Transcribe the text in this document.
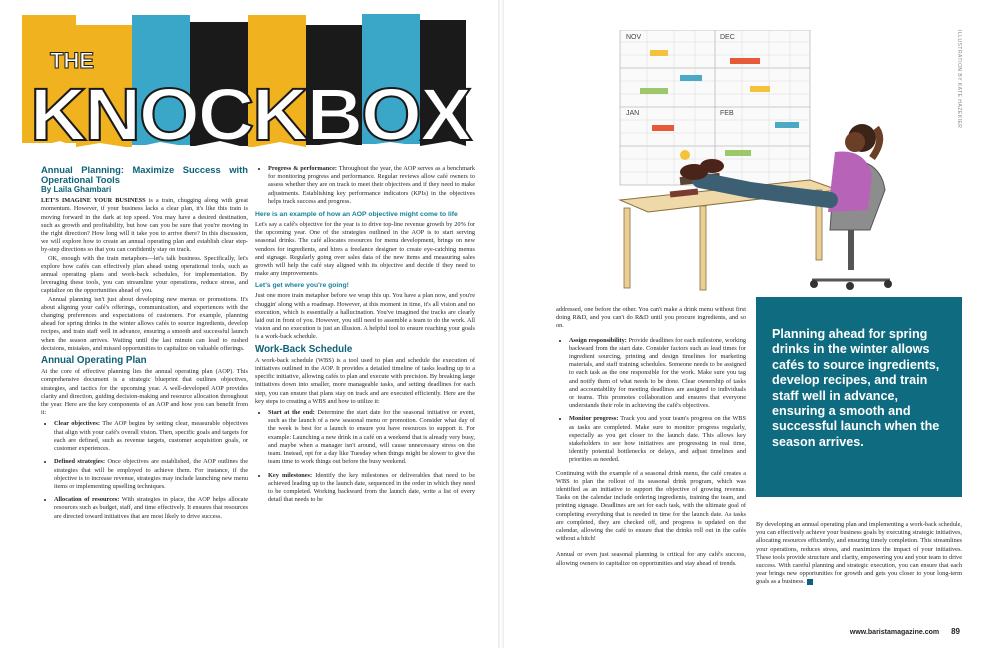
THE
KNOCKBOX
Annual Planning: Maximize Success with Operational Tools
By Laila Ghambari

LET'S IMAGINE YOUR BUSINESS is a train, chugging along with great momentum. However, if your business lacks a clear plan, it's like this train is moving forward in the dark at top speed. You may have a desired destination, such as growth and profitability, but how can you be sure that you're moving in the right direction? How long will it take you to arrive there? In this discussion, we will explore how to create an annual operating plan and establish clear step-by-step directions so that you can confidently stay on track.

OK, enough with the train metaphors—let's talk business. Specifically, let's explore how cafés can effectively plan ahead using operational tools, such as annual operating plans and work-back schedules, for implementation. By leveraging these tools, you can streamline your operations, reduce stress, and capitalize on the opportunities ahead of you.

Annual planning isn't just about developing new menus or promotions. It's about aligning your café's offerings, communication, and experiences with the changing preferences and expectations of customers. For example, planning ahead for spring drinks in the winter allows cafés to source ingredients, develop recipes, and train staff well in advance, ensuring a smooth and successful launch when the season arrives. Waiting until the last minute can lead to rushed decisions, mistakes, and missed opportunities to capitalize on valuable offerings.

Annual Operating Plan

At the core of effective planning lies the annual operating plan (AOP). This comprehensive document is a strategic blueprint that outlines objectives, strategies, and tactics for the upcoming year. A well-developed AOP provides clarity and direction, guiding decision-making and resource allocation throughout the year. Here are the key components of an AOP and how you can benefit from it:

• Clear objectives: The AOP begins by setting clear, measurable objectives that align with your café's overall vision. Then, specific goals and targets for each are defined, such as revenue targets, customer acquisition goals, or customer experiences.
• Defined strategies: Once objectives are established, the AOP outlines the strategies that will be employed to achieve them. For instance, if the objective is to increase revenue, strategies may include launching new menu items or implementing upselling techniques.
• Allocation of resources: With strategies in place, the AOP helps allocate resources such as budget, staff, and time effectively. It ensures that resources are directed toward initiatives that are most likely to drive success.
• Progress & performance: Throughout the year, the AOP serves as a benchmark for monitoring progress and performance. Regular reviews allow café owners to assess whether they are on track to meet their objectives and if they need to make adjustments. Establishing key performance indicators (KPIs) in the objectives helps track success and progress.
Here is an example of how an AOP objective might come to life

Let's say a café's objective for the year is to drive top-line revenue growth by 20% for the upcoming year. One of the strategies outlined in the AOP is to start serving seasonal drinks. The café allocates resources for menu development, brings on new vendors for ingredients, and hires a freelance designer to create eye-catching menus and signage. Regularly going over sales data of the new items and measuring sales growth will help the café stay aligned with its objective and decide if they need to make any improvements.

Let's get where you're going!

Just one more train metaphor before we wrap this up. You have a plan now, and you're chuggin' along with a roadmap. However, at this moment in time, it's all vision and no execution, which is essentially a hallucination. You've imagined the tracks are clearly laid out in front of you. However, you still need to assemble a team to do the work. All vision and no execution is just an illusion. A helpful tool to ensure reaching your goals is a work-back schedule.

Work-Back Schedule

A work-back schedule (WBS) is a tool used to plan and schedule the execution of initiatives outlined in the AOP. It provides a detailed timeline of tasks leading up to a specific initiative, allowing cafés to plan and execute with precision. By breaking large initiatives down into smaller, more manageable tasks, and setting deadlines for each step, you can ensure that plans stay on track and are executed efficiently. Here are the key steps to creating a WBS and how to utilize it:

• Start at the end: Determine the start date for the seasonal initiative or event, such as the launch of a new seasonal menu or promotion. Consider what day of the week is best for a launch to ensure you have resources to support it. For example: Launching a new drink in a café on a weekend that is already very busy, and maybe when a manager isn't around, will cause unnecessary stress on the team. Instead, opt for a day like Tuesday when things might be slower to give the team time to work things out before the busy weekend.
• Key milestones: Identify the key milestones or deliverables that need to be achieved leading up to the launch date, sequenced in the order in which they need to be completed. Working backward from the launch date, write a list of every detail that needs to be
NOV	DEC
JAN	FEB	ILLUSTRATION BY KATE HAZEKIER

addressed, one before the other. You can't make a drink menu without first doing R&D, and you can't do R&D until you procure ingredients, and so on.

• Assign responsibility: Provide deadlines for each milestone, working backward from the start date. Consider factors such as lead times for ingredient sourcing, printing and design timelines for marketing materials, and staff training schedules. Someone needs to be assigned to each task as the one responsible for the work. Make sure you tag and notify them of what needs to be done. Clear ownership of tasks and accountability for meeting deadlines are assigned to individuals or teams. This promotes collaboration and ensures that everyone understands their role in achieving the café's objectives.
• Monitor progress: Track you and your team's progress on the WBS as tasks are completed. Make sure to monitor progress regularly, especially as you get closer to the launch date. This allows key stakeholders to see how initiatives are progressing in real time, identify potential bottlenecks or delays, and adjust timelines and priorities as needed.

Continuing with the example of a seasonal drink menu, the café creates a WBS to plan the rollout of its seasonal drink program, which was identified as an initiative to support the objective of growing revenue. Tasks on the calendar include ordering ingredients, training the team, and printing signage. Deadlines are set for each task, with the ultimate goal of completing everything that is needed in time for the launch date. As tasks are completed, they are checked off, and progress is updated on the calendar, allowing the café to ensure that the drinks roll out in the cafés without a hitch!

Annual or even just seasonal planning is critical for any café's success, allowing owners to capitalize on opportunities and stay ahead of trends.

Planning ahead for spring drinks in the winter allows cafés to source ingredients, develop recipes, and train staff well in advance, ensuring a smooth and successful launch when the season arrives.

By developing an annual operating plan and implementing a work-back schedule, you can effectively achieve your business goals by executing strategic initiatives, allocating resources efficiently, and ensuring timely completion. This streamlines your operations, reduces stress, and maximizes the impact of your initiatives. These tools provide structure and clarity, empowering you and your team to drive success. With careful planning and strategic execution, you can ensure that each year brings new opportunities for growth and gets you closer to your long-term goals as a business.

www.baristamagazine.com 89
